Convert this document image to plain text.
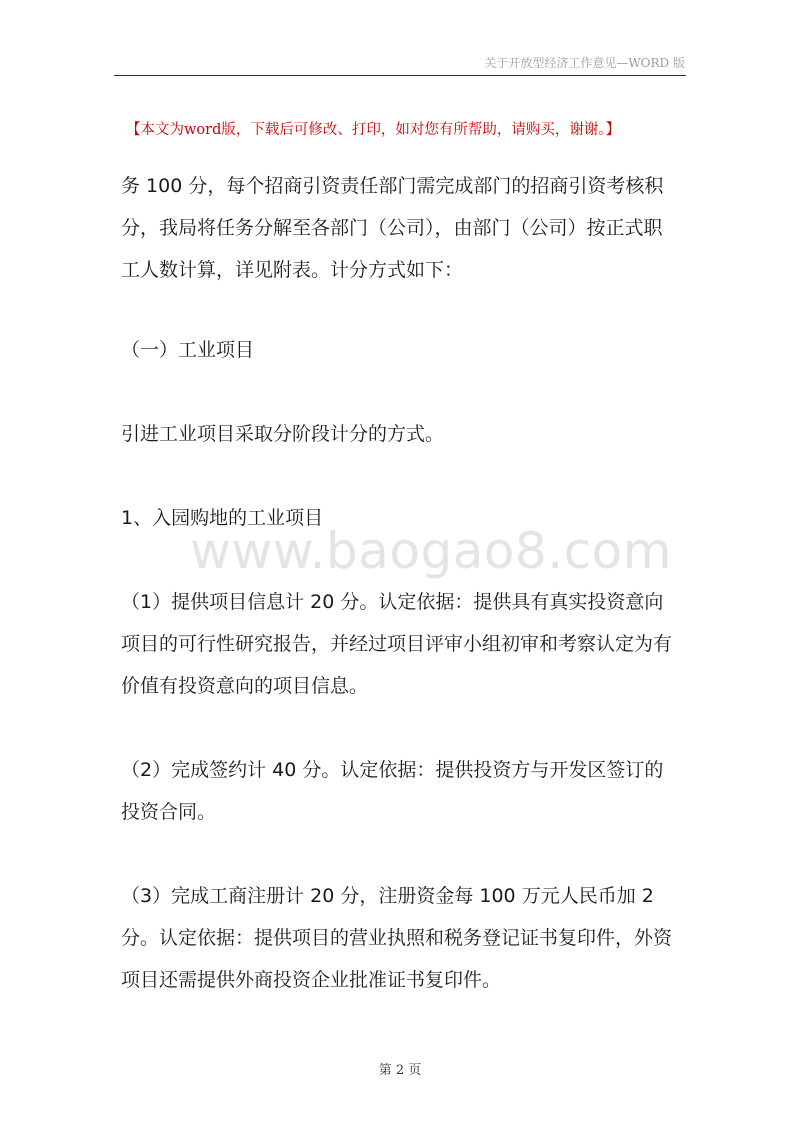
关于开放型经济工作意见—WORD 版
【本文为word版，下载后可修改、打印，如对您有所帮助，请购买，谢谢。】

务 100 分，每个招商引资责任部门需完成部门的招商引资考核积分，我局将任务分解至各部门（公司），由部门（公司）按正式职工人数计算，详见附表。计分方式如下：

（一）工业项目

引进工业项目采取分阶段计分的方式。

1、入园购地的工业项目

（1）提供项目信息计 20 分。认定依据：提供具有真实投资意向项目的可行性研究报告，并经过项目评审小组初审和考察认定为有价值有投资意向的项目信息。

（2）完成签约计 40 分。认定依据：提供投资方与开发区签订的投资合同。

（3）完成工商注册计 20 分，注册资金每 100 万元人民币加 2 分。认定依据：提供项目的营业执照和税务登记证书复印件，外资项目还需提供外商投资企业批准证书复印件。

www.baogao8.com
第 2 页
